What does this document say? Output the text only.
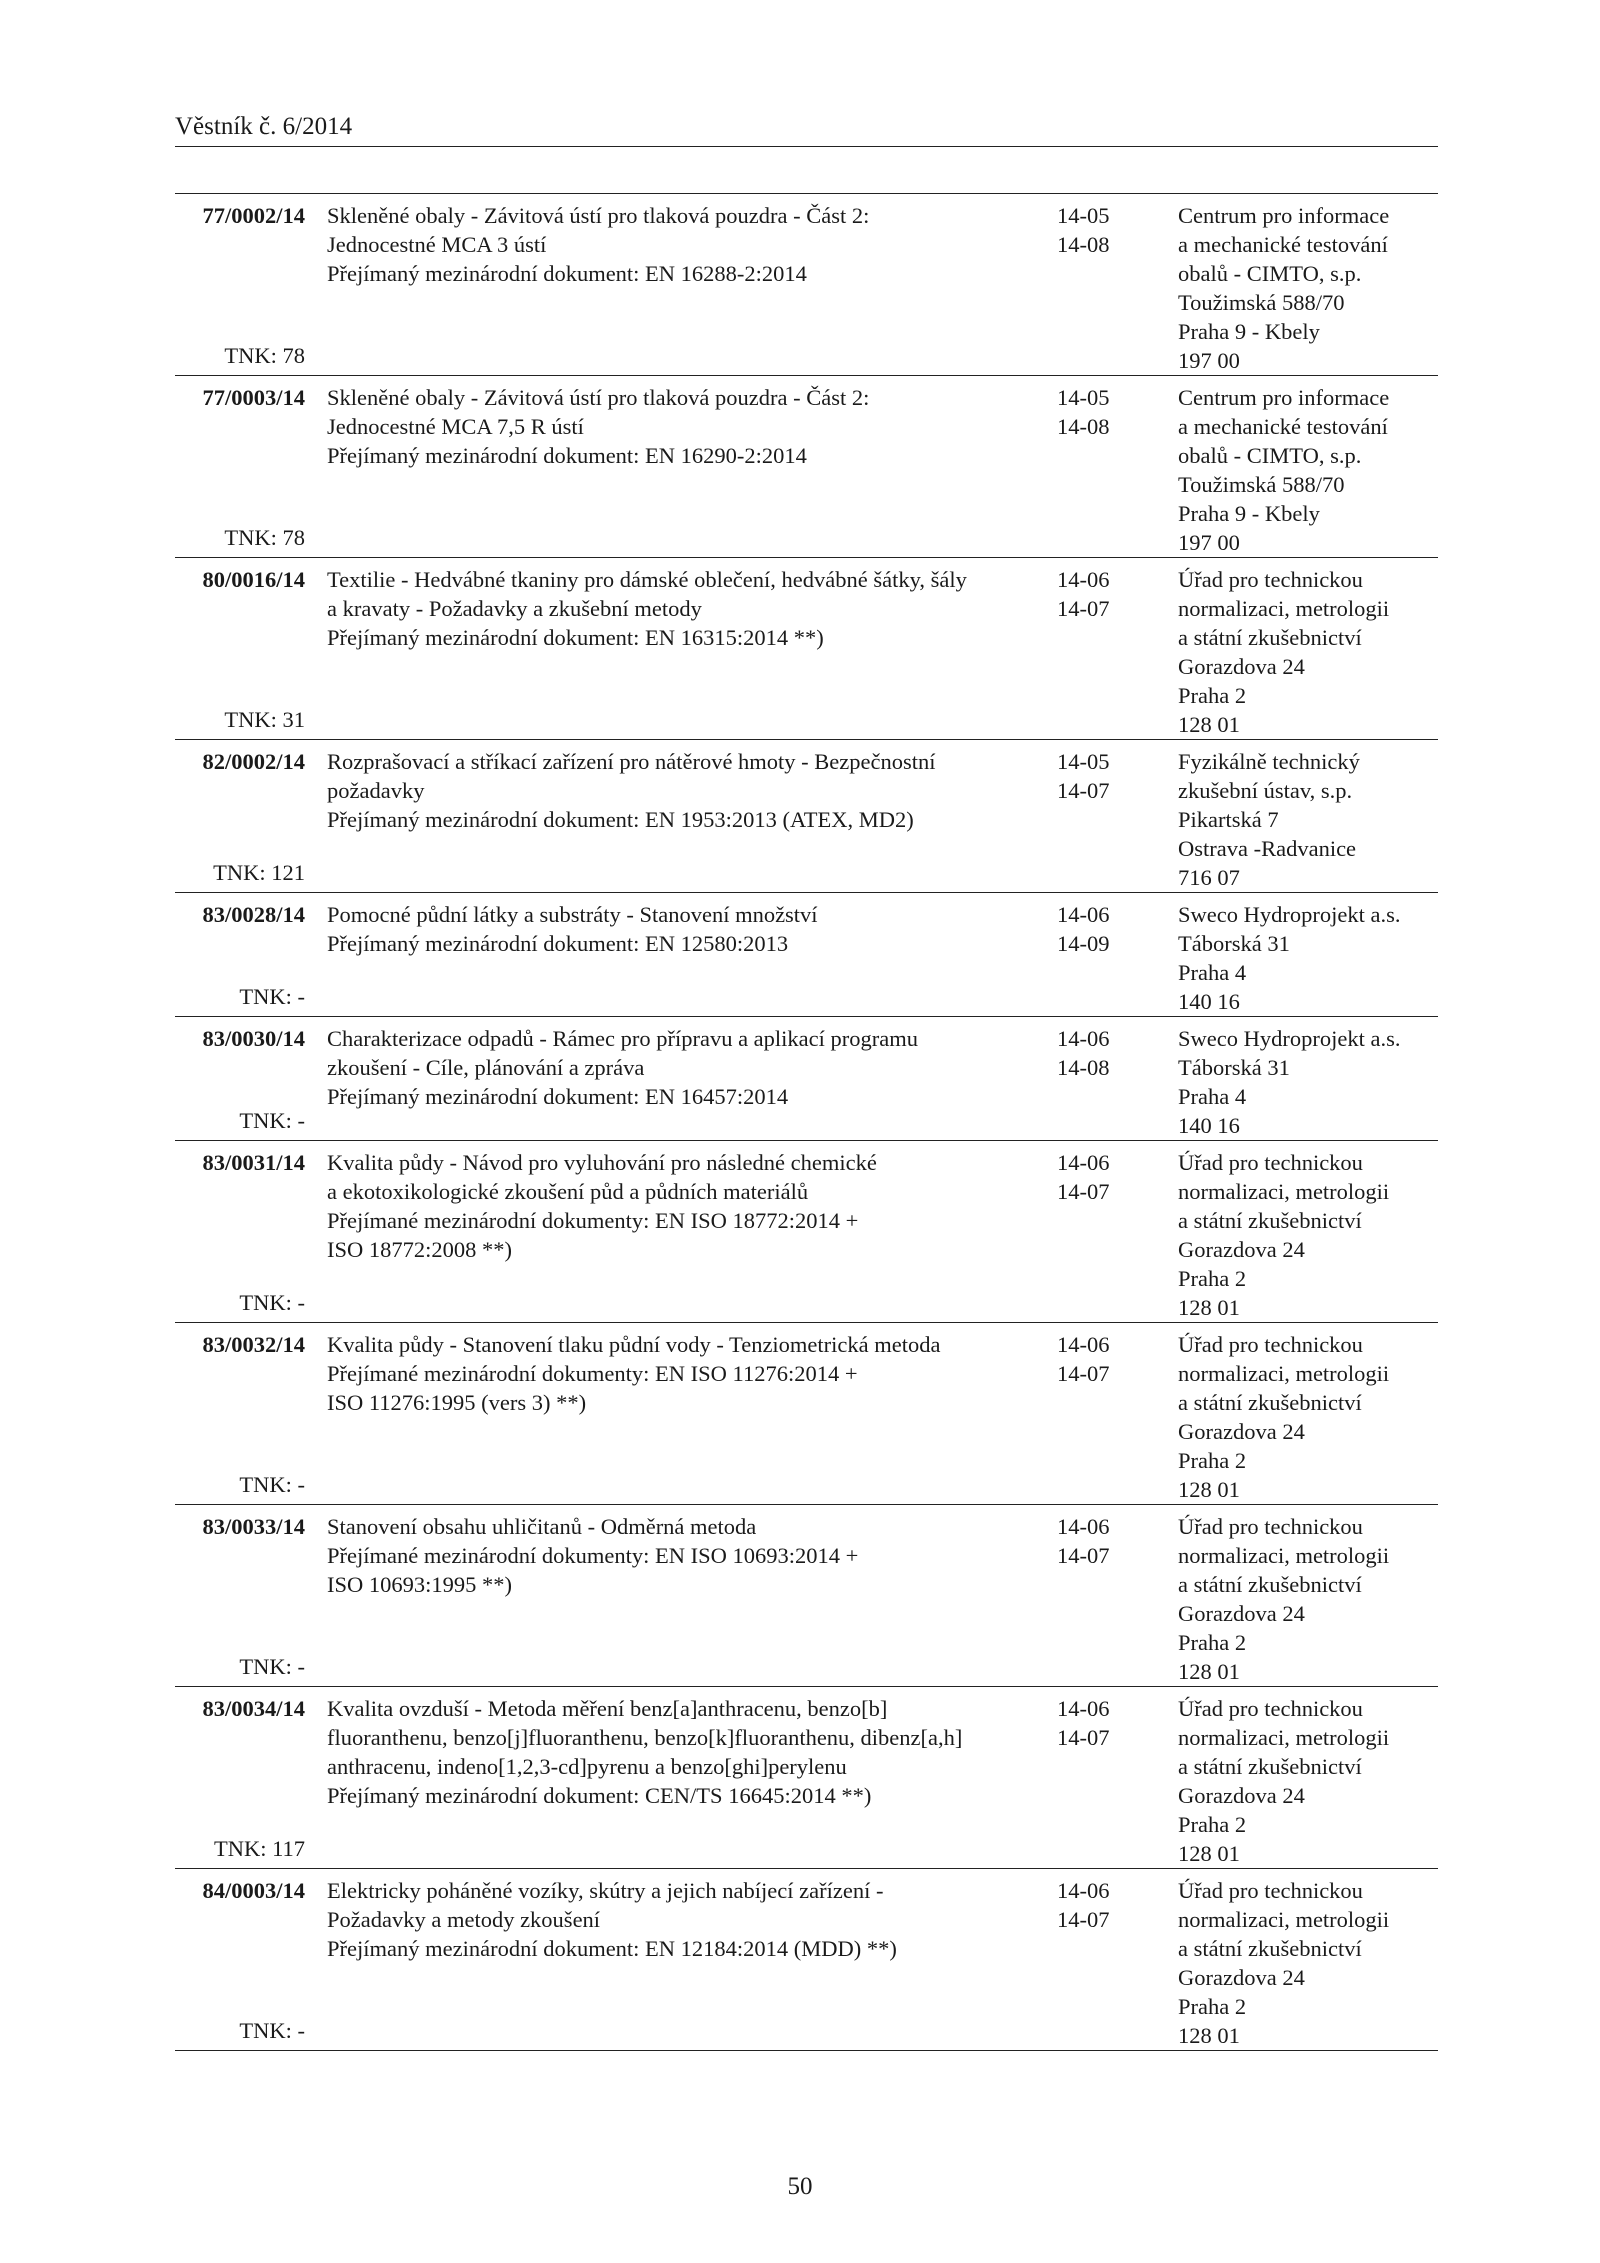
Věstník č. 6/2014
77/0002/14
TNK: 78
Skleněné obaly - Závitová ústí pro tlaková pouzdra - Část 2:
Jednocestné MCA 3 ústí
Přejímaný mezinárodní dokument: EN 16288-2:2014
14-05
14-08
Centrum pro informace
a mechanické testování
obalů - CIMTO, s.p.
Toužimská 588/70
Praha 9 - Kbely
197 00
77/0003/14
TNK: 78
Skleněné obaly - Závitová ústí pro tlaková pouzdra - Část 2:
Jednocestné MCA 7,5 R ústí
Přejímaný mezinárodní dokument: EN 16290-2:2014
14-05
14-08
Centrum pro informace
a mechanické testování
obalů - CIMTO, s.p.
Toužimská 588/70
Praha 9 - Kbely
197 00
80/0016/14
TNK: 31
Textilie - Hedvábné tkaniny pro dámské oblečení, hedvábné šátky, šály
a kravaty - Požadavky a zkušební metody
Přejímaný mezinárodní dokument: EN 16315:2014 **)
14-06
14-07
Úřad pro technickou
normalizaci, metrologii
a státní zkušebnictví
Gorazdova 24
Praha 2
128 01
82/0002/14
TNK: 121
Rozprašovací a stříkací zařízení pro nátěrové hmoty - Bezpečnostní
požadavky
Přejímaný mezinárodní dokument: EN 1953:2013 (ATEX, MD2)
14-05
14-07
Fyzikálně technický
zkušební ústav, s.p.
Pikartská 7
Ostrava -Radvanice
716 07
83/0028/14
TNK: -
Pomocné půdní látky a substráty - Stanovení množství
Přejímaný mezinárodní dokument: EN 12580:2013
14-06
14-09
Sweco Hydroprojekt a.s.
Táborská 31
Praha 4
140 16
83/0030/14
TNK: -
Charakterizace odpadů - Rámec pro přípravu a aplikací programu
zkoušení - Cíle, plánování a zpráva
Přejímaný mezinárodní dokument: EN 16457:2014
14-06
14-08
Sweco Hydroprojekt a.s.
Táborská 31
Praha 4
140 16
83/0031/14
TNK: -
Kvalita půdy - Návod pro vyluhování pro následné chemické
a ekotoxikologické zkoušení půd a půdních materiálů
Přejímané mezinárodní dokumenty: EN ISO 18772:2014 +
ISO 18772:2008 **)
14-06
14-07
Úřad pro technickou
normalizaci, metrologii
a státní zkušebnictví
Gorazdova 24
Praha 2
128 01
83/0032/14
TNK: -
Kvalita půdy - Stanovení tlaku půdní vody - Tenziometrická metoda
Přejímané mezinárodní dokumenty: EN ISO 11276:2014 +
ISO 11276:1995 (vers 3) **)
14-06
14-07
Úřad pro technickou
normalizaci, metrologii
a státní zkušebnictví
Gorazdova 24
Praha 2
128 01
83/0033/14
TNK: -
Stanovení obsahu uhličitanů - Odměrná metoda
Přejímané mezinárodní dokumenty: EN ISO 10693:2014 +
ISO 10693:1995 **)
14-06
14-07
Úřad pro technickou
normalizaci, metrologii
a státní zkušebnictví
Gorazdova 24
Praha 2
128 01
83/0034/14
TNK: 117
Kvalita ovzduší - Metoda měření benz[a]anthracenu, benzo[b]
fluoranthenu, benzo[j]fluoranthenu, benzo[k]fluoranthenu, dibenz[a,h]
anthracenu, indeno[1,2,3-cd]pyrenu a benzo[ghi]perylenu
Přejímaný mezinárodní dokument: CEN/TS 16645:2014 **)
14-06
14-07
Úřad pro technickou
normalizaci, metrologii
a státní zkušebnictví
Gorazdova 24
Praha 2
128 01
84/0003/14
TNK: -
Elektricky poháněné vozíky, skútry a jejich nabíjecí zařízení -
Požadavky a metody zkoušení
Přejímaný mezinárodní dokument: EN 12184:2014 (MDD) **)
14-06
14-07
Úřad pro technickou
normalizaci, metrologii
a státní zkušebnictví
Gorazdova 24
Praha 2
128 01
50
